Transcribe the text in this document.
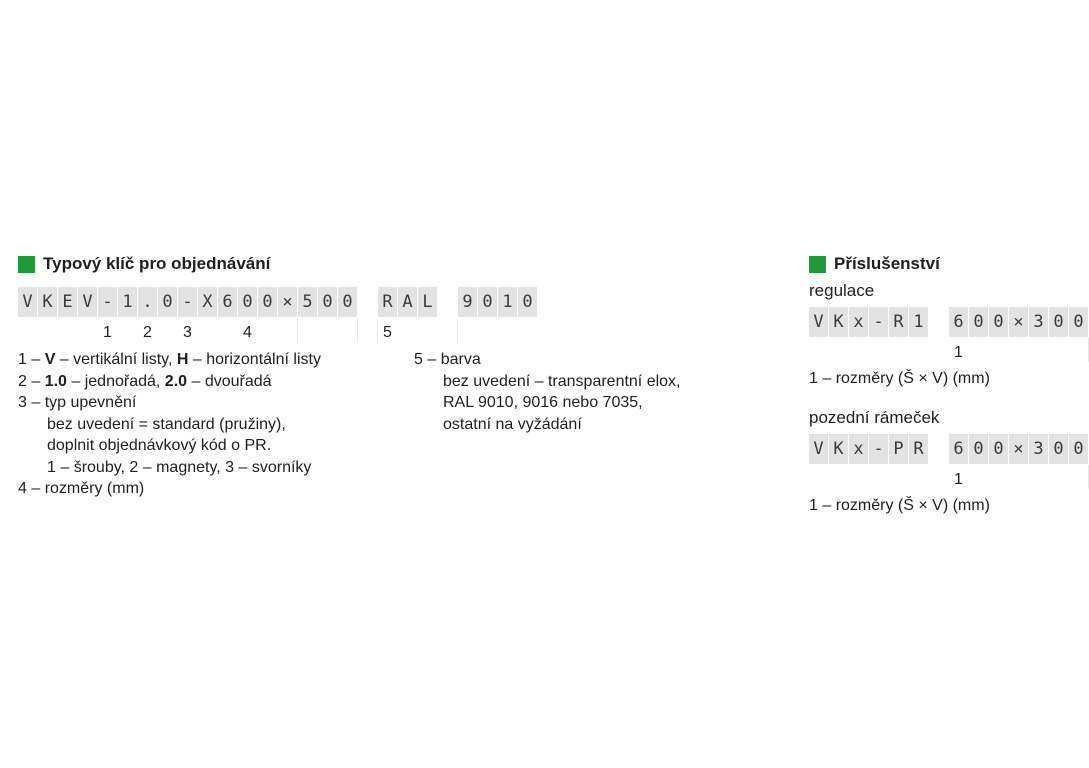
Typový klíč pro objednávání
V K E V - 1 . 0 - X 6 0 0 × 5 0 0 R A L 9 0 1 0
1	2	3	4	5
1 – V – vertikální listy, H – horizontální listy
2 – 1.0 – jednořadá, 2.0 – dvouřadá
3 – typ upevnění
bez uvedení = standard (pružiny),
doplnit objednávkový kód o PR.
1 – šrouby, 2 – magnety, 3 – svorníky
4 – rozměry (mm)
5 – barva
bez uvedení – transparentní elox,
RAL 9010, 9016 nebo 7035,
ostatní na vyžádání
Příslušenství
regulace
V K x - R 1 6 0 0 × 3 0 0
1
1 – rozměry (Š × V) (mm)
pozední rámeček
V K x - P R 6 0 0 × 3 0 0
1
1 – rozměry (Š × V) (mm)
